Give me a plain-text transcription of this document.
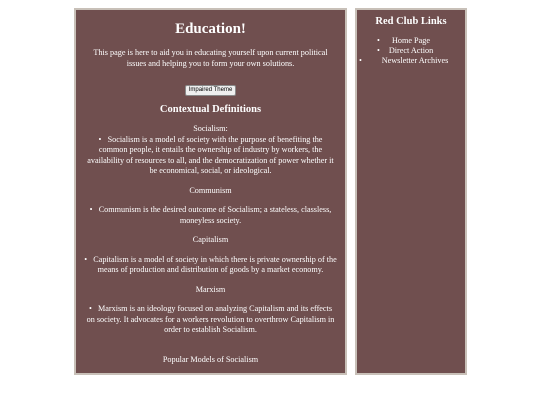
Education!

This page is here to aid you in educating yourself upon current political issues and helping you to form your own solutions.

Impaired Theme
Contextual Definitions

Socialism:

•   Socialism is a model of society with the purpose of benefiting the common people, it entails the ownership of industry by workers, the availability of resources to all, and the democratization of power whether it be economical, social, or ideological.

Communism

•   Communism is the desired outcome of Socialism; a stateless, classless, moneyless society.

Capitalism

•   Capitalism is a model of society in which there is private ownership of the means of production and distribution of goods by a market economy.

Marxism

•   Marxism is an ideology focused on analyzing Capitalism and its effects on society. It advocates for a workers revolution to overthrow Capitalism in order to establish Socialism.

Popular Models of Socialism

Marxist Leninism

Red Club Links
• Home Page
• Direct Action
• Newsletter Archives
